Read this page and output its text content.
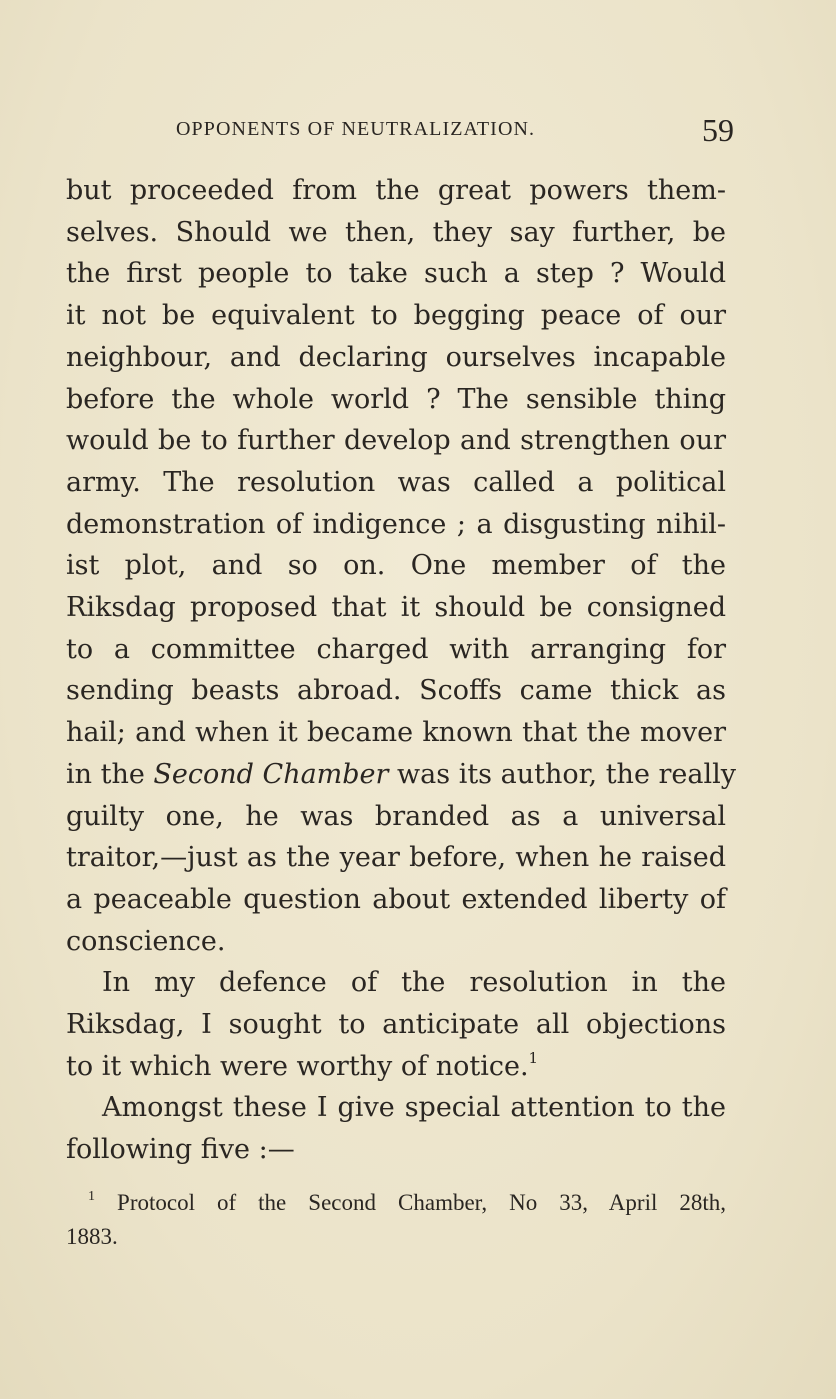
OPPONENTS OF NEUTRALIZATION.	59
but proceeded from the great powers them-
selves. Should we then, they say further, be
the first people to take such a step ? Would
it not be equivalent to begging peace of our
neighbour, and declaring ourselves incapable
before the whole world ? The sensible thing
would be to further develop and strengthen our
army. The resolution was called a political
demonstration of indigence ; a disgusting nihil-
ist plot, and so on. One member of the
Riksdag proposed that it should be consigned
to a committee charged with arranging for
sending beasts abroad. Scoffs came thick as
hail; and when it became known that the mover
in the Second Chamber was its author, the really
guilty one, he was branded as a universal
traitor,—just as the year before, when he raised
a peaceable question about extended liberty of
conscience.
In my defence of the resolution in the
Riksdag, I sought to anticipate all objections
to it which were worthy of notice.$^1$
Amongst these I give special attention to the
following five :—
$^1$ Protocol of the Second Chamber, No 33, April 28th,
1883.
